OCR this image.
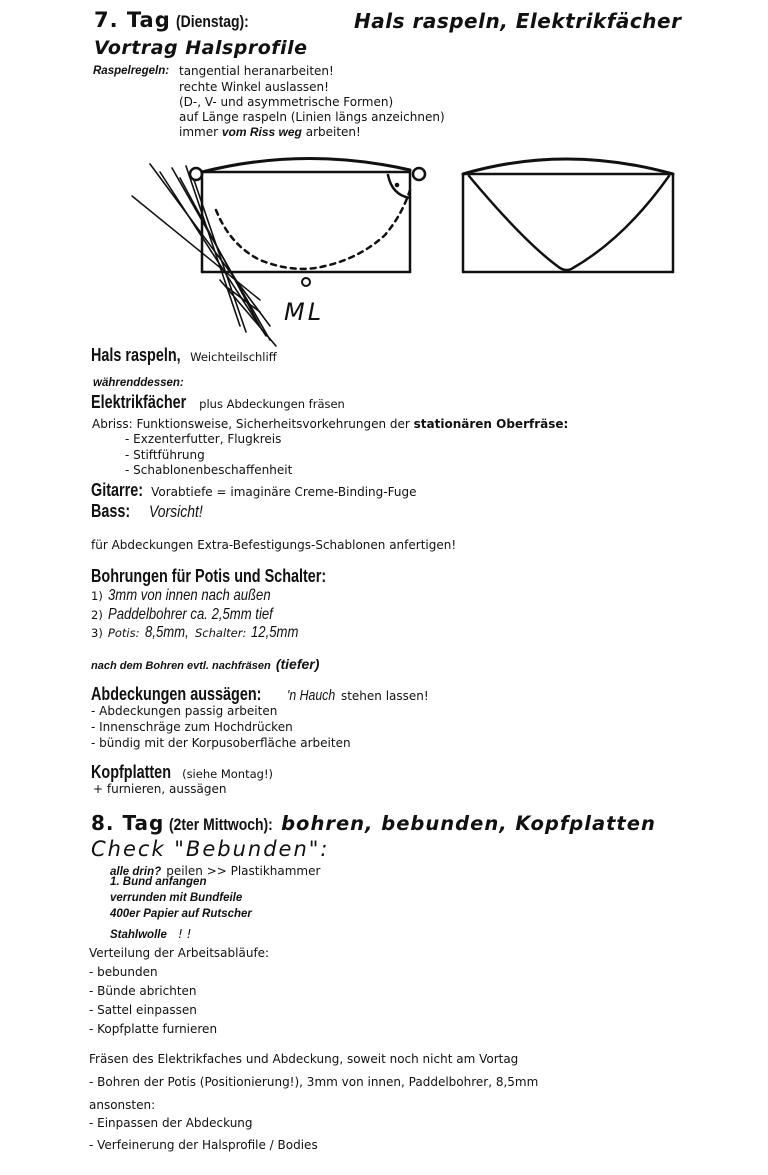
7. Tag (Dienstag):	Hals raspeln, Elektrikfächer
Vortrag Halsprofile
Raspelregeln: tangential heranarbeiten!
rechte Winkel auslassen!
(D-, V- und asymmetrische Formen)
auf Länge raspeln (Linien längs anzeichnen)
immer vom Riss weg arbeiten!
ML
Hals raspeln, Weichteilschliff
währenddessen:
Elektrikfächer plus Abdeckungen fräsen
Abriss: Funktionsweise, Sicherheitsvorkehrungen der stationären Oberfräse:
- Exzenterfutter, Flugkreis
- Stiftführung
- Schablonenbeschaffenheit
Gitarre: Vorabtiefe = imaginäre Creme-Binding-Fuge
Bass: Vorsicht!
für Abdeckungen Extra-Befestigungs-Schablonen anfertigen!
Bohrungen für Potis und Schalter:
1) 3mm von innen nach außen
2) Paddelbohrer ca. 2,5mm tief
3) Potis: 8,5mm, Schalter: 12,5mm
nach dem Bohren evtl. nachfräsen (tiefer)
Abdeckungen aussägen: 'n Hauch stehen lassen!
- Abdeckungen passig arbeiten
- Innenschräge zum Hochdrücken
- bündig mit der Korpusoberfläche arbeiten
Kopfplatten (siehe Montag!)
+ furnieren, aussägen
8. Tag (2ter Mittwoch): bohren, bebunden, Kopfplatten
Check "Bebunden":
alle drin? peilen >> Plastikhammer
1. Bund anfangen
verrunden mit Bundfeile
400er Papier auf Rutscher
Stahlwolle ! !
Verteilung der Arbeitsabläufe:
- bebunden
- Bünde abrichten
- Sattel einpassen
- Kopfplatte furnieren
Fräsen des Elektrikfaches und Abdeckung, soweit noch nicht am Vortag
- Bohren der Potis (Positionierung!), 3mm von innen, Paddelbohrer, 8,5mm
ansonsten:
- Einpassen der Abdeckung
- Verfeinerung der Halsprofile / Bodies
